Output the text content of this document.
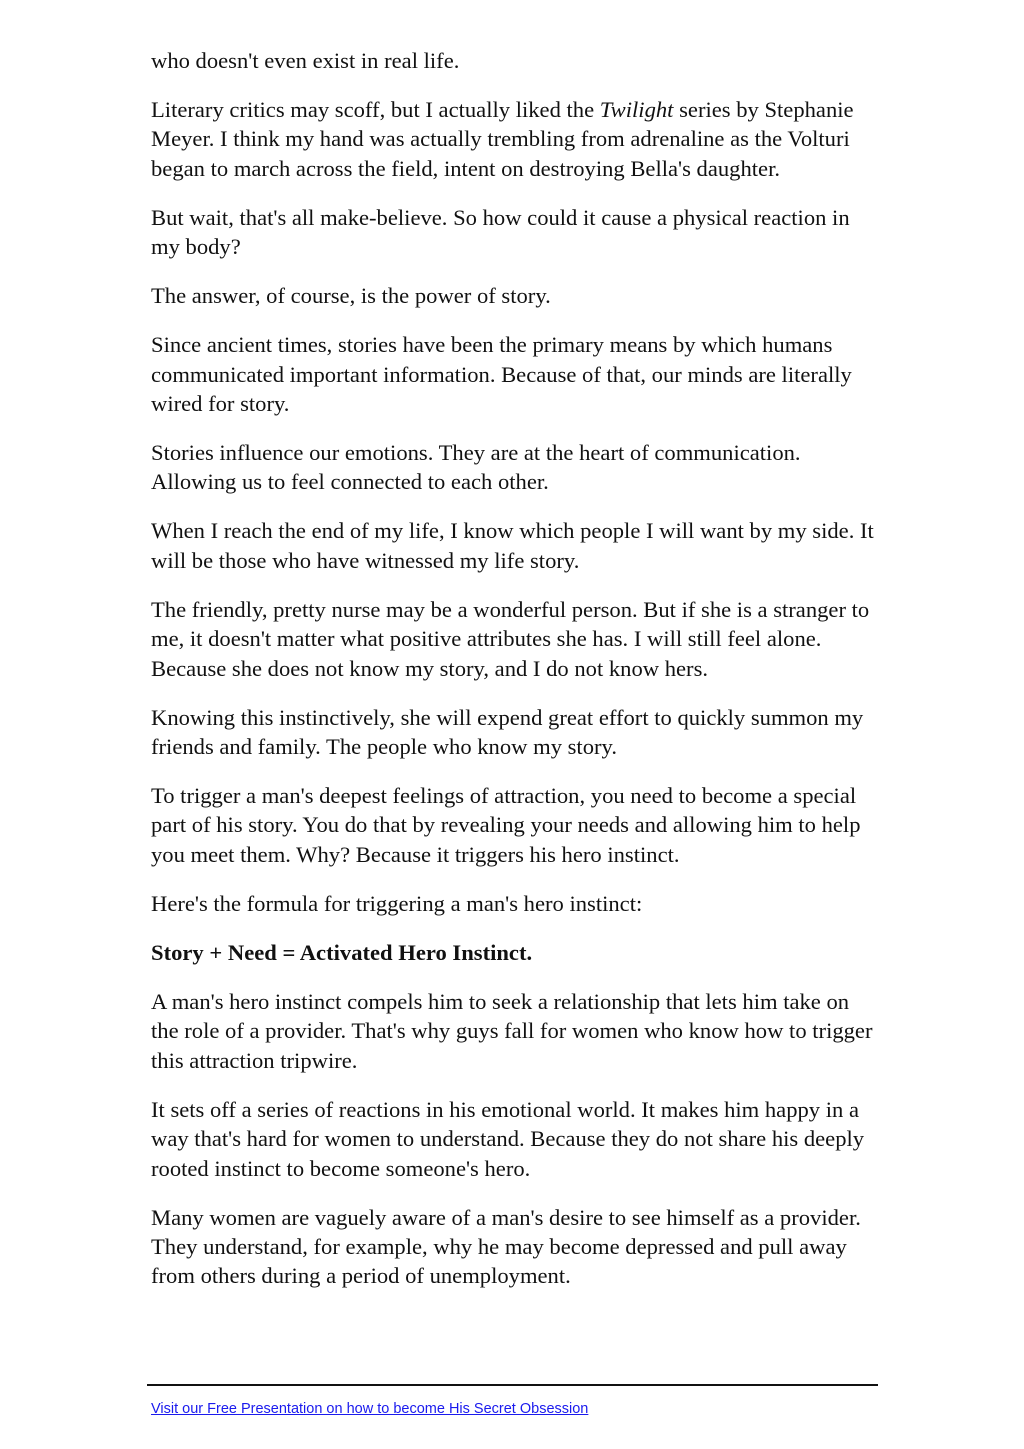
who doesn't even exist in real life.

Literary critics may scoff, but I actually liked the Twilight series by Stephanie Meyer. I think my hand was actually trembling from adrenaline as the Volturi began to march across the field, intent on destroying Bella's daughter.

But wait, that's all make-believe. So how could it cause a physical reaction in my body?

The answer, of course, is the power of story.

Since ancient times, stories have been the primary means by which humans communicated important information. Because of that, our minds are literally wired for story.

Stories influence our emotions. They are at the heart of communication. Allowing us to feel connected to each other.

When I reach the end of my life, I know which people I will want by my side. It will be those who have witnessed my life story.

The friendly, pretty nurse may be a wonderful person. But if she is a stranger to me, it doesn't matter what positive attributes she has. I will still feel alone. Because she does not know my story, and I do not know hers.

Knowing this instinctively, she will expend great effort to quickly summon my friends and family. The people who know my story.

To trigger a man's deepest feelings of attraction, you need to become a special part of his story. You do that by revealing your needs and allowing him to help you meet them. Why? Because it triggers his hero instinct.

Here's the formula for triggering a man's hero instinct:

Story + Need = Activated Hero Instinct.

A man's hero instinct compels him to seek a relationship that lets him take on the role of a provider. That's why guys fall for women who know how to trigger this attraction tripwire.

It sets off a series of reactions in his emotional world. It makes him happy in a way that's hard for women to understand. Because they do not share his deeply rooted instinct to become someone's hero.

Many women are vaguely aware of a man's desire to see himself as a provider. They understand, for example, why he may become depressed and pull away from others during a period of unemployment.

Visit our Free Presentation on how to become His Secret Obsession
